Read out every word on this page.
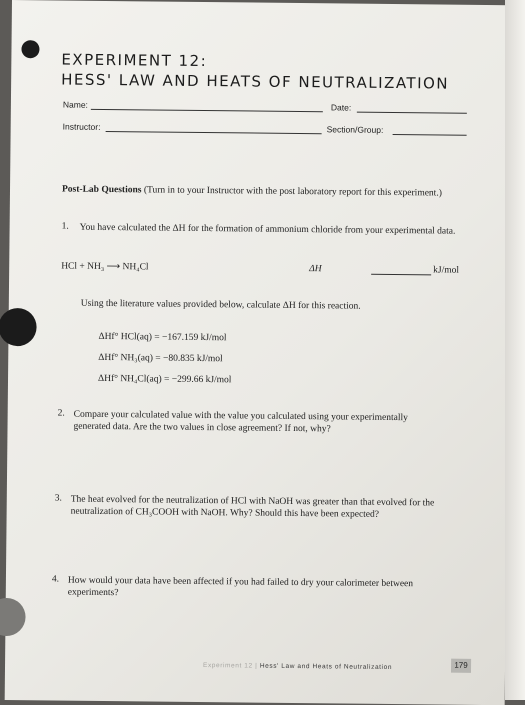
EXPERIMENT 12:
HESS' LAW AND HEATS OF NEUTRALIZATION
Name:	Date:
Instructor:	Section/Group:
Post-Lab Questions (Turn in to your Instructor with the post laboratory report for this experiment.)
1. You have calculated the ΔH for the formation of ammonium chloride from your experimental data.
HCl + NH₃ ⟶ NH₄Cl	ΔH	kJ/mol
Using the literature values provided below, calculate ΔH for this reaction.
ΔHf° HCl(aq) = −167.159 kJ/mol
ΔHf° NH₃(aq) = −80.835 kJ/mol
ΔHf° NH₄Cl(aq) = −299.66 kJ/mol
2. Compare your calculated value with the value you calculated using your experimentally generated data. Are the two values in close agreement? If not, why?
3. The heat evolved for the neutralization of HCl with NaOH was greater than that evolved for the neutralization of CH₃COOH with NaOH. Why? Should this have been expected?
4. How would your data have been affected if you had failed to dry your calorimeter between experiments?
Experiment 12 | Hess' Law and Heats of Neutralization	179
